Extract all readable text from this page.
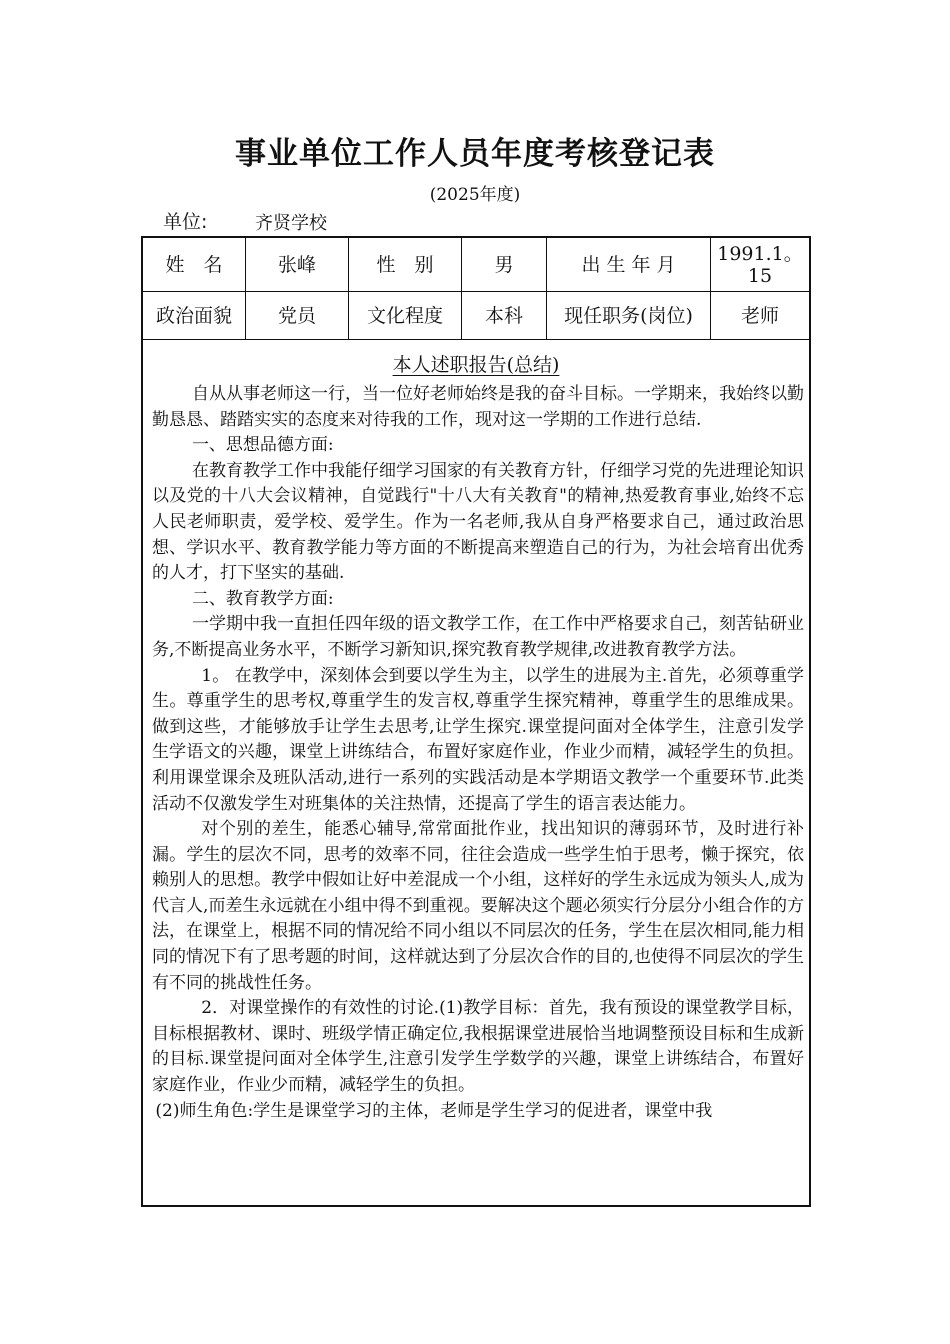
事业单位工作人员年度考核登记表
(2025年度)
单位:	齐贤学校
姓　名	张峰	性　别	男	出 生 年 月	1991.1。15
政治面貌	党员	文化程度	本科	现任职务(岗位)	老师
本人述职报告(总结)

自从从事老师这一行，当一位好老师始终是我的奋斗目标。一学期来，我始终以勤勤恳恳、踏踏实实的态度来对待我的工作，现对这一学期的工作进行总结.

一、思想品德方面:

在教育教学工作中我能仔细学习国家的有关教育方针，仔细学习党的先进理论知识以及党的十八大会议精神，自觉践行"十八大有关教育"的精神,热爱教育事业,始终不忘人民老师职责，爱学校、爱学生。作为一名老师,我从自身严格要求自己，通过政治思想、学识水平、教育教学能力等方面的不断提高来塑造自己的行为，为社会培育出优秀的人才，打下坚实的基础.

二、教育教学方面:

一学期中我一直担任四年级的语文教学工作，在工作中严格要求自己，刻苦钻研业务,不断提高业务水平，不断学习新知识,探究教育教学规律,改进教育教学方法。

1。 在教学中，深刻体会到要以学生为主，以学生的进展为主.首先，必须尊重学生。尊重学生的思考权,尊重学生的发言权,尊重学生探究精神，尊重学生的思维成果。做到这些，才能够放手让学生去思考,让学生探究.课堂提问面对全体学生，注意引发学生学语文的兴趣，课堂上讲练结合，布置好家庭作业，作业少而精，减轻学生的负担。利用课堂课余及班队活动,进行一系列的实践活动是本学期语文教学一个重要环节.此类活动不仅激发学生对班集体的关注热情，还提高了学生的语言表达能力。

对个别的差生，能悉心辅导,常常面批作业，找出知识的薄弱环节，及时进行补漏。学生的层次不同，思考的效率不同，往往会造成一些学生怕于思考，懒于探究，依赖别人的思想。教学中假如让好中差混成一个小组，这样好的学生永远成为领头人,成为代言人,而差生永远就在小组中得不到重视。要解决这个题必须实行分层分小组合作的方法，在课堂上，根据不同的情况给不同小组以不同层次的任务，学生在层次相同,能力相同的情况下有了思考题的时间，这样就达到了分层次合作的目的,也使得不同层次的学生有不同的挑战性任务。

2．对课堂操作的有效性的讨论.(1)教学目标：首先，我有预设的课堂教学目标，目标根据教材、课时、班级学情正确定位,我根据课堂进展恰当地调整预设目标和生成新的目标.课堂提问面对全体学生,注意引发学生学数学的兴趣，课堂上讲练结合，布置好家庭作业，作业少而精，减轻学生的负担。

(2)师生角色:学生是课堂学习的主体，老师是学生学习的促进者，课堂中我
